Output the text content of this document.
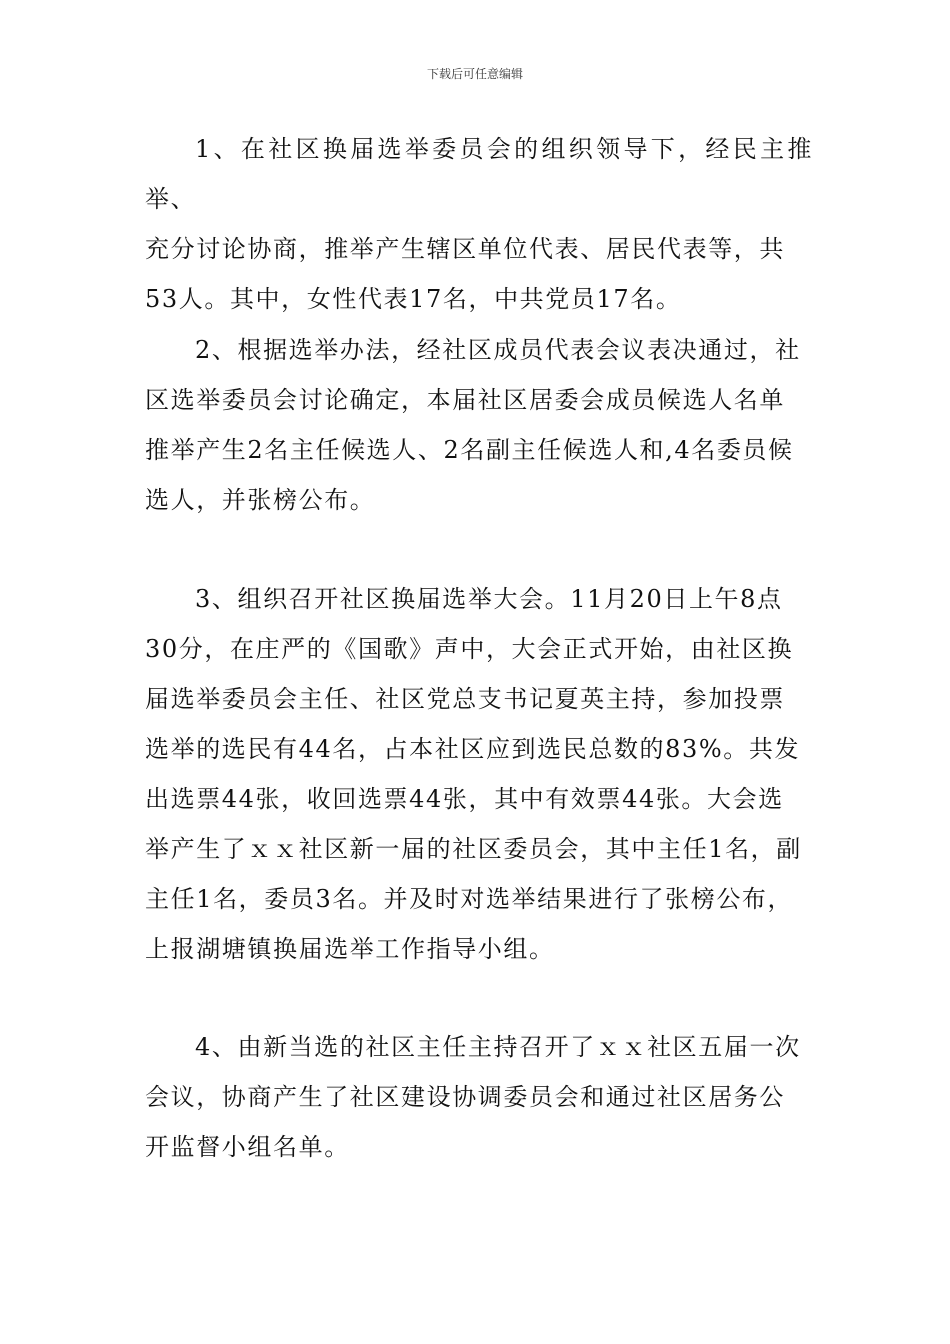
下载后可任意编辑

1、在社区换届选举委员会的组织领导下，经民主推举、
充分讨论协商，推举产生辖区单位代表、居民代表等，共
53人。其中，女性代表17名，中共党员17名。

2、根据选举办法，经社区成员代表会议表决通过，社
区选举委员会讨论确定，本届社区居委会成员候选人名单
推举产生2名主任候选人、2名副主任候选人和,4名委员候
选人，并张榜公布。

3、组织召开社区换届选举大会。11月20日上午8点
30分，在庄严的《国歌》声中，大会正式开始，由社区换
届选举委员会主任、社区党总支书记夏英主持，参加投票
选举的选民有44名，占本社区应到选民总数的83%。共发
出选票44张，收回选票44张，其中有效票44张。大会选
举产生了ｘｘ社区新一届的社区委员会，其中主任1名，副
主任1名，委员3名。并及时对选举结果进行了张榜公布，
上报湖塘镇换届选举工作指导小组。

4、由新当选的社区主任主持召开了ｘｘ社区五届一次
会议，协商产生了社区建设协调委员会和通过社区居务公
开监督小组名单。
